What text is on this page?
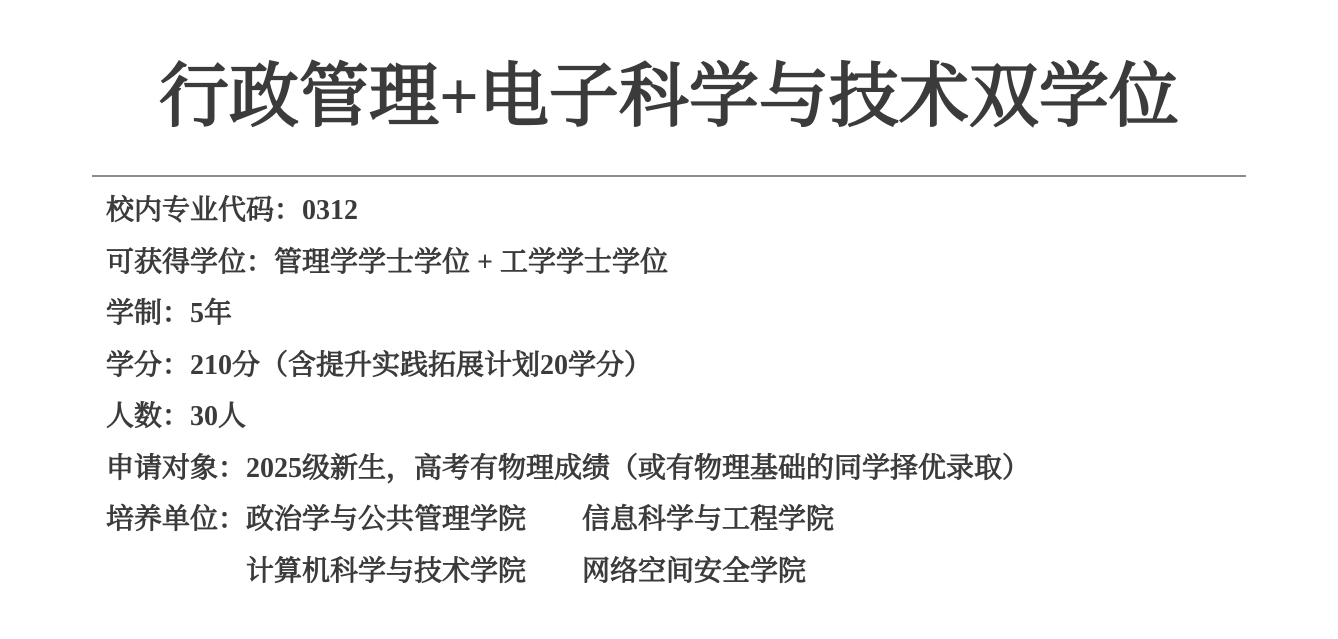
行政管理+电子科学与技术双学位
校内专业代码： 0312
可获得学位： 管理学学士学位 + 工学学士学位
学制： 5年
学分： 210分（含提升实践拓展计划20学分）
人数： 30人
申请对象： 2025级新生，高考有物理成绩（或有物理基础的同学择优录取）
培养单位： 政治学与公共管理学院　　信息科学与工程学院
计算机科学与技术学院　　网络空间安全学院
